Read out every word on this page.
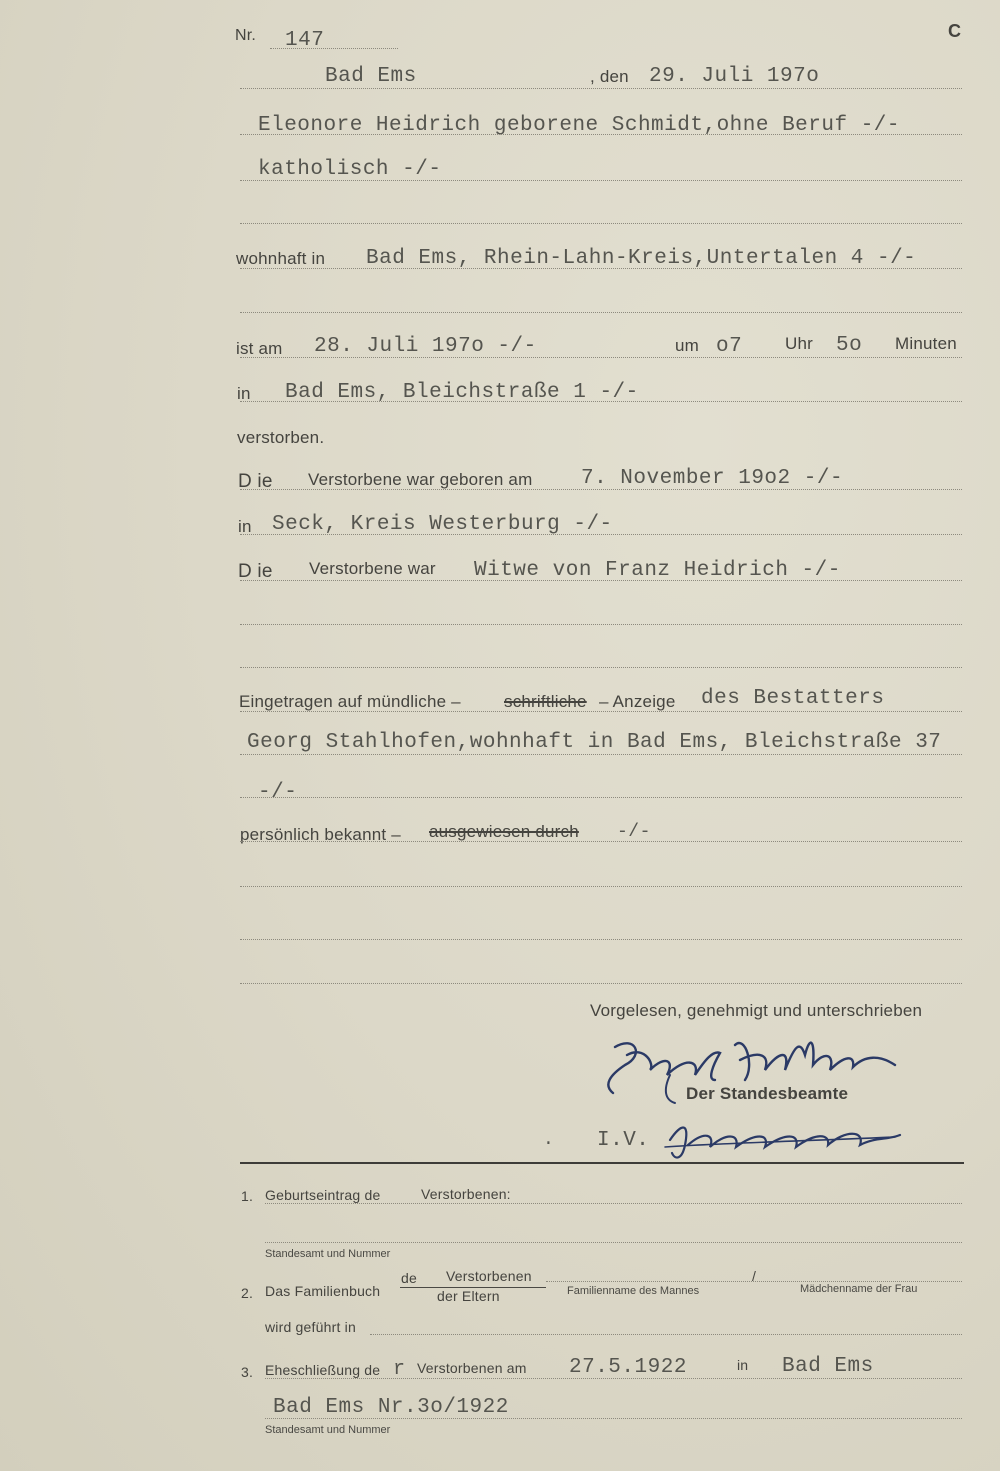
Nr. 147	C
Bad Ems	, den 29. Juli 197o
Eleonore Heidrich geborene Schmidt,ohne Beruf -/-
katholisch -/-
wohnhaft in Bad Ems, Rhein-Lahn-Kreis,Untertalen 4 -/-
ist am 28. Juli 197o -/-	um o7	Uhr 5o Minuten
in Bad Ems, Bleichstraße 1 -/-
verstorben.
D ie Verstorbene war geboren am 7. November 19o2 -/-
in Seck, Kreis Westerburg -/-
D ie Verstorbene war Witwe von Franz Heidrich -/-
Eingetragen auf mündliche –	schriftliche – Anzeige des Bestatters
Georg Stahlhofen,wohnhaft in Bad Ems, Bleichstraße 37
-/-
persönlich bekannt – ausgewiesen durch -/-
Vorgelesen, genehmigt und unterschrieben
Der Standesbeamte
. I.V.
1. Geburtseintrag de	Verstorbenen:
Standesamt und Nummer
2. Das Familienbuch
de Verstorbenen
der Eltern	Familienname des Mannes
/
Mädchenname der Frau
wird geführt in
3. Eheschließung de r Verstorbenen am 27.5.1922	in Bad Ems
Bad Ems Nr.3o/1922
Standesamt und Nummer
